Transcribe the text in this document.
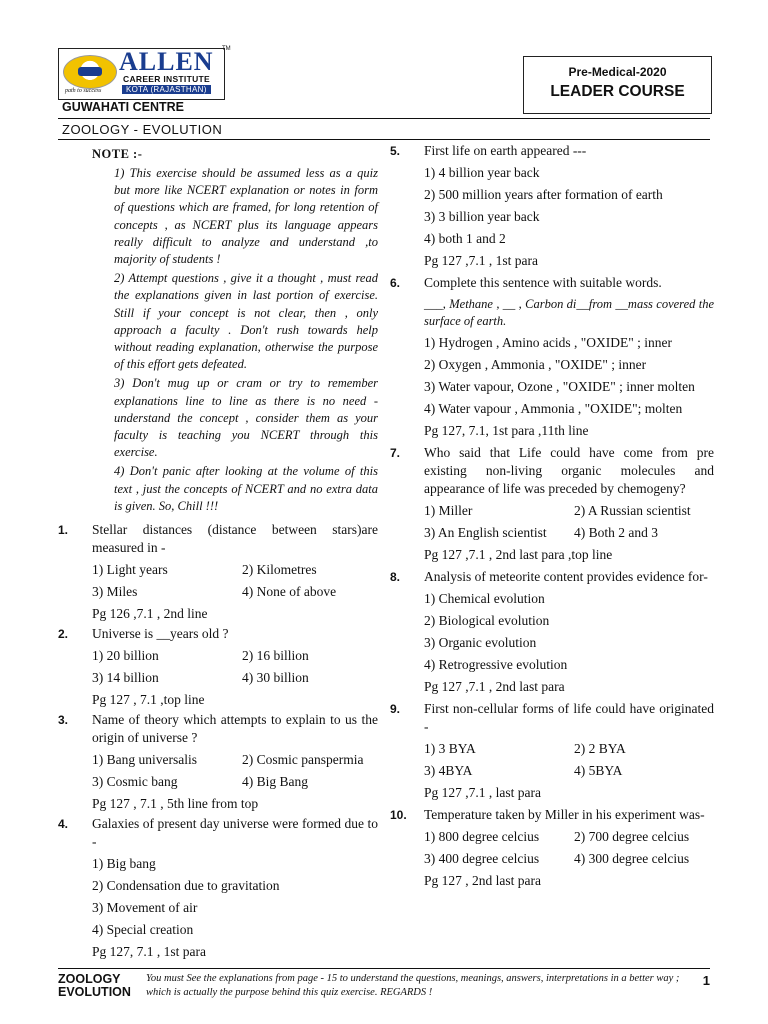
path to success
ALLEN
CAREER INSTITUTE
KOTA (RAJASTHAN)
TM
GUWAHATI CENTRE
Pre-Medical-2020
LEADER COURSE
ZOOLOGY - EVOLUTION
NOTE :-
1) This exercise should be assumed less as a quiz but more like NCERT explanation or notes in form of questions which are framed, for long retention of concepts , as NCERT plus its language appears really difficult to analyze and understand ,to majority of students !
2) Attempt questions , give it a thought , must read the explanations given in last portion of exercise. Still if your concept is not clear, then , only approach a faculty . Don't rush towards help without reading explanation, otherwise the purpose of this effort gets defeated.
3) Don't mug up or cram or try to remember explanations line to line as there is no need - understand the concept , consider them as your faculty is teaching you NCERT through this exercise.
4) Don't panic after looking at the volume of this text , just the concepts of NCERT and no extra data is given. So, Chill !!!
1. Stellar distances (distance between stars)are measured in -
1) Light years	2) Kilometres
3) Miles	4) None of above
Pg 126 ,7.1 , 2nd line
2. Universe is __years old ?
1) 20 billion	2) 16 billion
3) 14 billion	4) 30 billion
Pg 127 , 7.1 ,top line
3. Name of theory which attempts to explain to us the origin of universe ?
1) Bang universalis	2) Cosmic panspermia
3) Cosmic bang	4) Big Bang
Pg 127 , 7.1 , 5th line from top
4. Galaxies of present day universe were formed due to -
1) Big bang
2) Condensation due to gravitation
3) Movement of air
4) Special creation
Pg 127, 7.1 , 1st para
5. First life on earth appeared ---
1) 4 billion year back
2) 500 million years after formation of earth
3) 3 billion year back
4) both 1 and 2
Pg 127 ,7.1 , 1st para
6. Complete this sentence with suitable words.
___, Methane , __ , Carbon di__from __mass covered the surface of earth.
1) Hydrogen , Amino acids , "OXIDE" ; inner
2) Oxygen , Ammonia , "OXIDE" ; inner
3) Water vapour, Ozone , "OXIDE" ; inner molten
4) Water vapour , Ammonia , "OXIDE"; molten
Pg 127, 7.1, 1st para ,11th line
7. Who said that Life could have come from pre existing non-living organic molecules and appearance of life was preceded by chemogeny?
1) Miller	2) A Russian scientist
3) An English scientist	4) Both 2 and 3
Pg 127 ,7.1 , 2nd last para ,top line
8. Analysis of meteorite content provides evidence for-
1) Chemical evolution
2) Biological evolution
3) Organic evolution
4) Retrogressive evolution
Pg 127 ,7.1 , 2nd last para
9. First non-cellular forms of life could have originated -
1) 3 BYA	2) 2 BYA
3) 4BYA	4) 5BYA
Pg 127 ,7.1 , last para
10. Temperature taken by Miller in his experiment was-
1) 800 degree celcius	2) 700 degree celcius
3) 400 degree celcius	4) 300 degree celcius
Pg 127 , 2nd last para
ZOOLOGY
EVOLUTION
You must See the explanations from page - 15 to understand the questions, meanings, answers, interpretations in a better way ; which is actually the purpose behind this quiz exercise. REGARDS !
1
